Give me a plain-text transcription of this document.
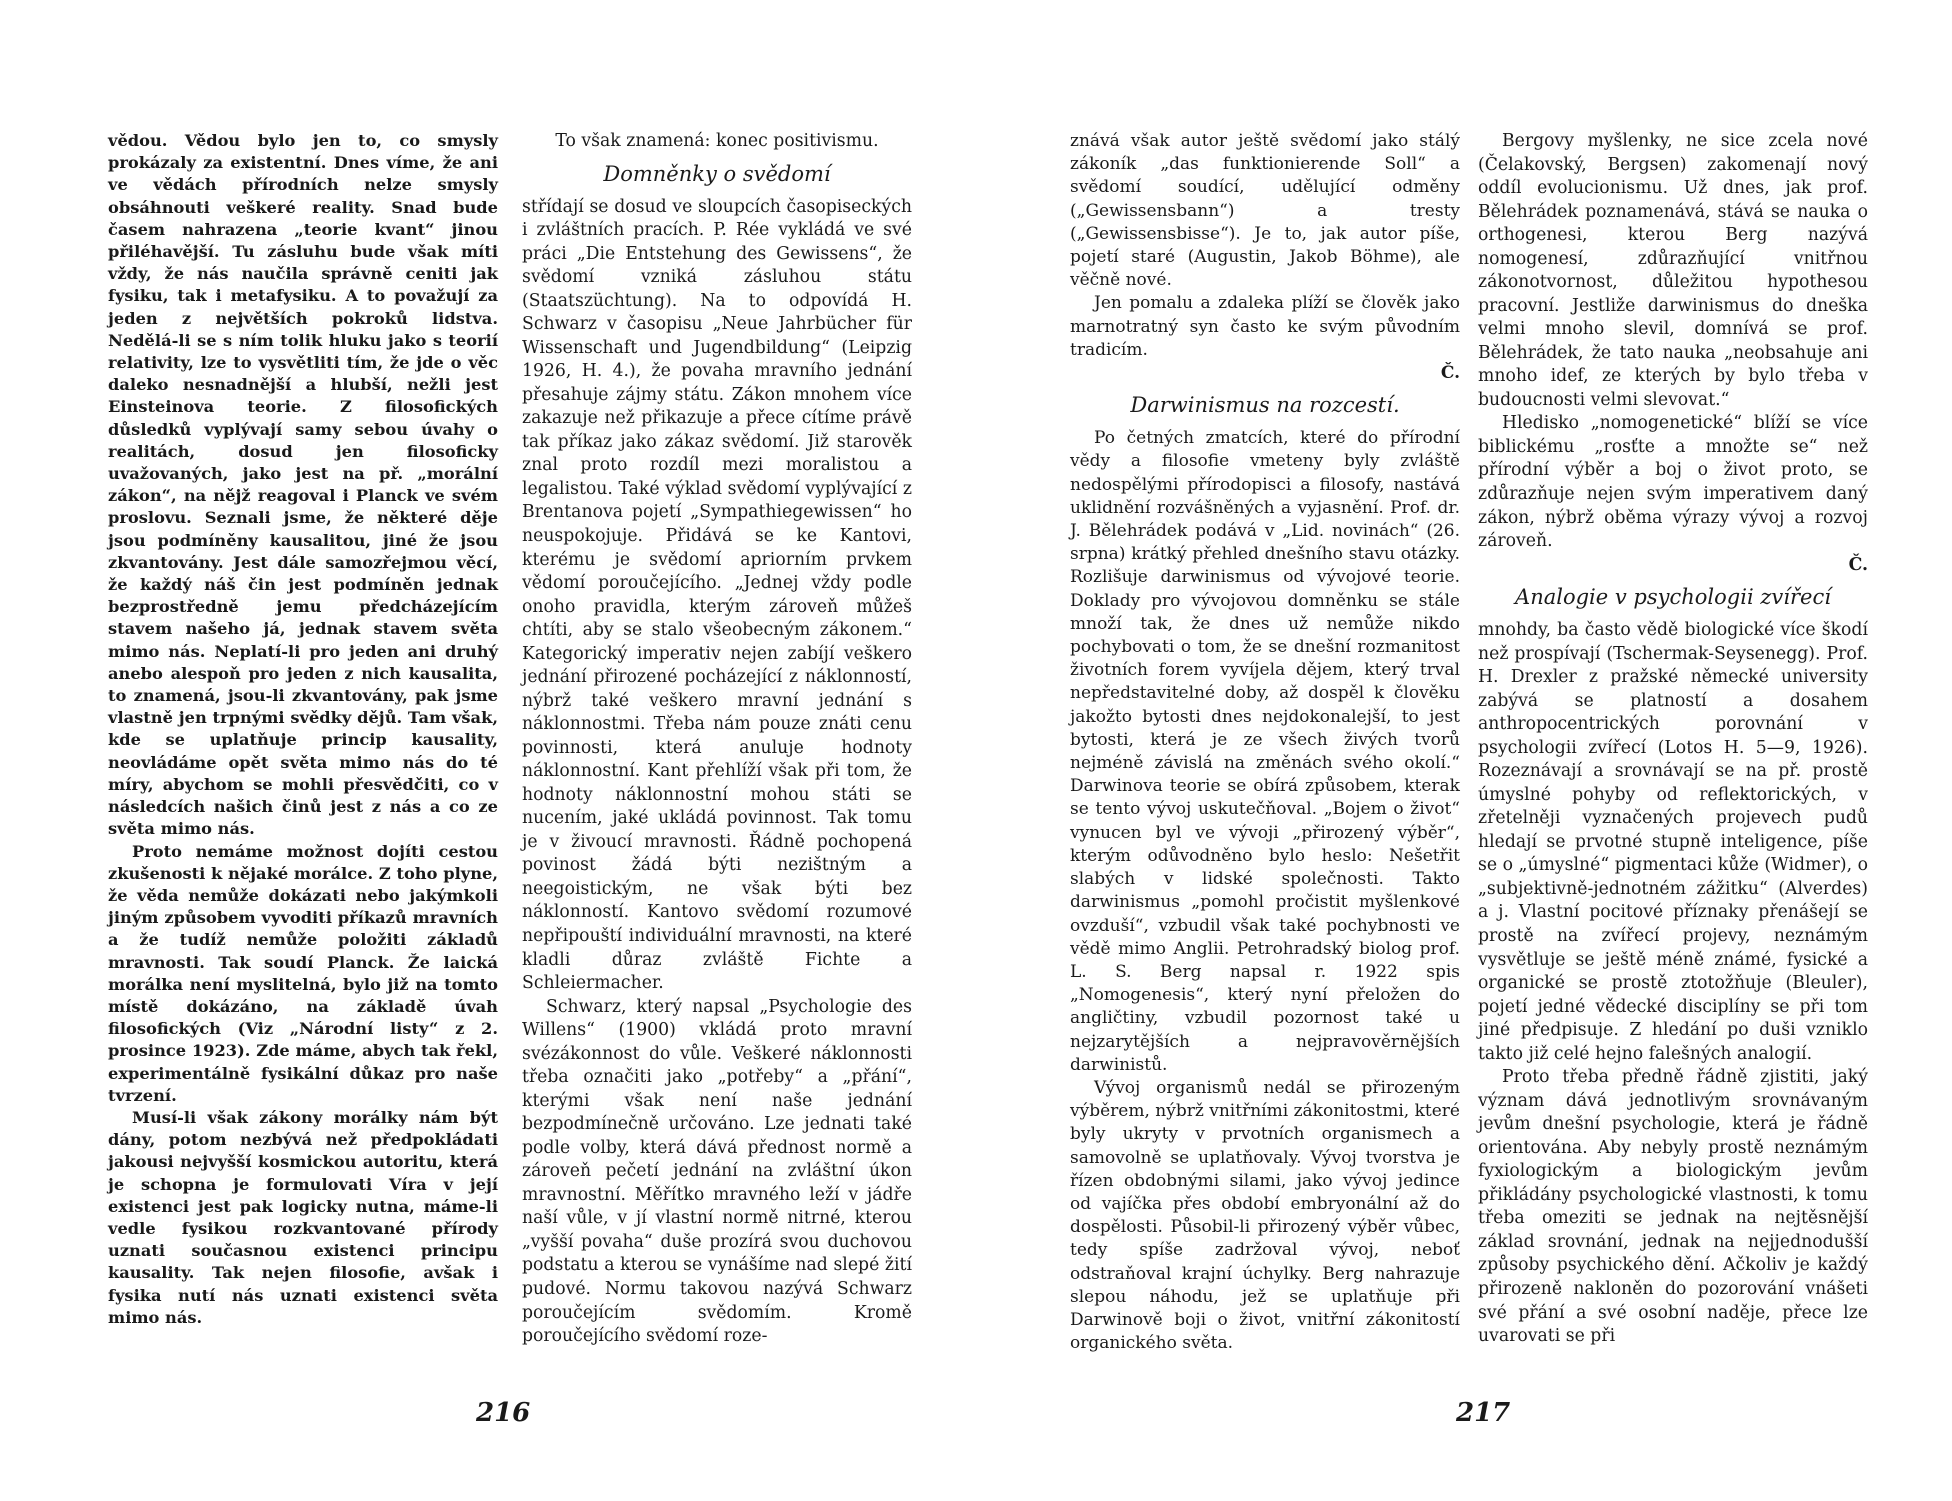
vědou. Vědou bylo jen to, co smysly prokázaly za existentní. Dnes víme, že ani ve vědách přírodních nelze smysly obsáhnouti veškeré reality. Snad bude časem nahrazena „teorie kvant“ jinou přiléhavější. Tu zásluhu bude však míti vždy, že nás naučila správně ceniti jak fysiku, tak i metafysiku. A to považují za jeden z největších pokroků lidstva. Nedělá-li se s ním tolik hluku jako s teorií relativity, lze to vysvětliti tím, že jde o věc daleko nesnadnější a hlubší, nežli jest Einsteinova teorie. Z filosofických důsledků vyplývají samy sebou úvahy o realitách, dosud jen filosoficky uvažovaných, jako jest na př. „morální zákon“, na nějž reagoval i Planck ve svém proslovu. Seznali jsme, že některé děje jsou podmíněny kausalitou, jiné že jsou zkvantovány. Jest dále samozřejmou věcí, že každý náš čin jest podmíněn jednak bezprostředně jemu předcházejícím stavem našeho já, jednak stavem světa mimo nás. Neplatí-li pro jeden ani druhý anebo alespoň pro jeden z nich kausalita, to znamená, jsou-li zkvantovány, pak jsme vlastně jen trpnými svědky dějů. Tam však, kde se uplatňuje princip kausality, neovládáme opět světa mimo nás do té míry, abychom se mohli přesvědčiti, co v následcích našich činů jest z nás a co ze světa mimo nás.

Proto nemáme možnost dojíti cestou zkušenosti k nějaké morálce. Z toho plyne, že věda nemůže dokázati nebo jakýmkoli jiným způsobem vyvoditi příkazů mravních a že tudíž nemůže položiti základů mravnosti. Tak soudí Planck. Že laická morálka není myslitelná, bylo již na tomto místě dokázáno, na základě úvah filosofických (Viz „Národní listy“ z 2. prosince 1923). Zde máme, abych tak řekl, experimentálně fysikální důkaz pro naše tvrzení.

Musí-li však zákony morálky nám být dány, potom nezbývá než předpokládati jakousi nejvyšší kosmickou autoritu, která je schopna je formulovati Víra v její existenci jest pak logicky nutna, máme-li vedle fysikou rozkvantované přírody uznati současnou existenci principu kausality. Tak nejen filosofie, avšak i fysika nutí nás uznati existenci světa mimo nás.

To však znamená: konec positivismu.

Domněnky o svědomí

střídají se dosud ve sloupcích časopiseckých i zvláštních pracích. P. Rée vykládá ve své práci „Die Entstehung des Gewissens“, že svědomí vzniká zásluhou státu (Staatszüchtung). Na to odpovídá H. Schwarz v časopisu „Neue Jahrbücher für Wissenschaft und Jugendbildung“ (Leipzig 1926, H. 4.), že povaha mravního jednání přesahuje zájmy státu. Zákon mnohem více zakazuje než přikazuje a přece cítíme právě tak příkaz jako zákaz svědomí. Již starověk znal proto rozdíl mezi moralistou a legalistou. Také výklad svědomí vyplývající z Brentanova pojetí „Sympathiegewissen“ ho neuspokojuje. Přidává se ke Kantovi, kterému je svědomí apriorním prvkem vědomí poroučejícího. „Jednej vždy podle onoho pravidla, kterým zároveň můžeš chtíti, aby se stalo všeobecným zákonem.“ Kategorický imperativ nejen zabíjí veškero jednání přirozené pocházející z náklonností, nýbrž také veškero mravní jednání s náklonnostmi. Třeba nám pouze znáti cenu povinnosti, která anuluje hodnoty náklonnostní. Kant přehlíží však při tom, že hodnoty náklonnostní mohou státi se nucením, jaké ukládá povinnost. Tak tomu je v živoucí mravnosti. Řádně pochopená povinost žádá býti nezištným a neegoistickým, ne však býti bez náklonností. Kantovo svědomí rozumové nepřipouští individuální mravnosti, na které kladli důraz zvláště Fichte a Schleiermacher.

Schwarz, který napsal „Psychologie des Willens“ (1900) vkládá proto mravní svézákonnost do vůle. Veškeré náklonnosti třeba označiti jako „potřeby“ a „přání“, kterými však není naše jednání bezpodmínečně určováno. Lze jednati také podle volby, která dává přednost normě a zároveň pečetí jednání na zvláštní úkon mravnostní. Měřítko mravného leží v jádře naší vůle, v jí vlastní normě nitrné, kterou „vyšší povaha“ duše prozírá svou duchovou podstatu a kterou se vynášíme nad slepé žití pudové. Normu takovou nazývá Schwarz poroučejícím svědomím. Kromě poroučejícího svědomí roze-

znává však autor ještě svědomí jako stálý zákoník „das funktionierende Soll“ a svědomí soudící, udělující odměny („Gewissensbann“) a tresty („Gewissensbisse“). Je to, jak autor píše, pojetí staré (Augustin, Jakob Böhme), ale věčně nové.

Jen pomalu a zdaleka plíží se člověk jako marnotratný syn často ke svým původním tradicím.

Č.

Darwinismus na rozcestí.

Po četných zmatcích, které do přírodní vědy a filosofie vmeteny byly zvláště nedospělými přírodopisci a filosofy, nastává uklidnění rozvášněných a vyjasnění. Prof. dr. J. Bělehrádek podává v „Lid. novinách“ (26. srpna) krátký přehled dnešního stavu otázky. Rozlišuje darwinismus od vývojové teorie. Doklady pro vývojovou domněnku se stále množí tak, že dnes už nemůže nikdo pochybovati o tom, že se dnešní rozmanitost životních forem vyvíjela dějem, který trval nepředstavitelné doby, až dospěl k člověku jakožto bytosti dnes nejdokonalejší, to jest bytosti, která je ze všech živých tvorů nejméně závislá na změnách svého okolí.“ Darwinova teorie se obírá způsobem, kterak se tento vývoj uskutečňoval. „Bojem o život“ vynucen byl ve vývoji „přirozený výběr“, kterým odůvodněno bylo heslo: Nešetřit slabých v lidské společnosti. Takto darwinismus „pomohl pročistit myšlenkové ovzduší“, vzbudil však také pochybnosti ve vědě mimo Anglii. Petrohradský biolog prof. L. S. Berg napsal r. 1922 spis „Nomogenesis“, který nyní přeložen do angličtiny, vzbudil pozornost také u nejzarytějších a nejpravověrnějších darwinistů.

Vývoj organismů nedál se přirozeným výběrem, nýbrž vnitřními zákonitostmi, které byly ukryty v prvotních organismech a samovolně se uplatňovaly. Vývoj tvorstva je řízen obdobnými silami, jako vývoj jedince od vajíčka přes období embryonální až do dospělosti. Působil-li přirozený výběr vůbec, tedy spíše zadržoval vývoj, neboť odstraňoval krajní úchylky. Berg nahrazuje slepou náhodu, jež se uplatňuje při Darwinově boji o život, vnitřní zákonitostí organického světa.

Bergovy myšlenky, ne sice zcela nové (Čelakovský, Bergsen) zakomenají nový oddíl evolucionismu. Už dnes, jak prof. Bělehrádek poznamenává, stává se nauka o orthogenesi, kterou Berg nazývá nomogenesí, zdůrazňující vnitřnou zákonotvornost, důležitou hypothesou pracovní. Jestliže darwinismus do dneška velmi mnoho slevil, domnívá se prof. Bělehrádek, že tato nauka „neobsahuje ani mnoho idef, ze kterých by bylo třeba v budoucnosti velmi slevovat.“

Hledisko „nomogenetické“ blíží se více biblickému „rosťte a množte se“ než přírodní výběr a boj o život proto, se zdůrazňuje nejen svým imperativem daný zákon, nýbrž oběma výrazy vývoj a rozvoj zároveň.

Č.

Analogie v psychologii zvířecí

mnohdy, ba často vědě biologické více škodí než prospívají (Tschermak-Seysenegg). Prof. H. Drexler z pražské německé university zabývá se platností a dosahem anthropocentrických porovnání v psychologii zvířecí (Lotos H. 5—9, 1926). Rozeznávají a srovnávají se na př. prostě úmyslné pohyby od reflektorických, v zřetelněji vyznačených projevech pudů hledají se prvotné stupně inteligence, píše se o „úmyslné“ pigmentaci kůže (Widmer), o „subjektivně-jednotném zážitku“ (Alverdes) a j. Vlastní pocitové příznaky přenášejí se prostě na zvířecí projevy, neznámým vysvětluje se ještě méně známé, fysické a organické se prostě ztotožňuje (Bleuler), pojetí jedné vědecké disciplíny se při tom jiné předpisuje. Z hledání po duši vzniklo takto již celé hejno falešných analogií.

Proto třeba předně řádně zjistiti, jaký význam dává jednotlivým srovnávaným jevům dnešní psychologie, která je řádně orientována. Aby nebyly prostě neznámým fyxiologickým a biologickým jevům přikládány psychologické vlastnosti, k tomu třeba omeziti se jednak na nejtěsnější základ srovnání, jednak na nejjednodušší způsoby psychického dění. Ačkoliv je každý přirozeně nakloněn do pozorování vnášeti své přání a své osobní naděje, přece lze uvarovati se při

216	217
